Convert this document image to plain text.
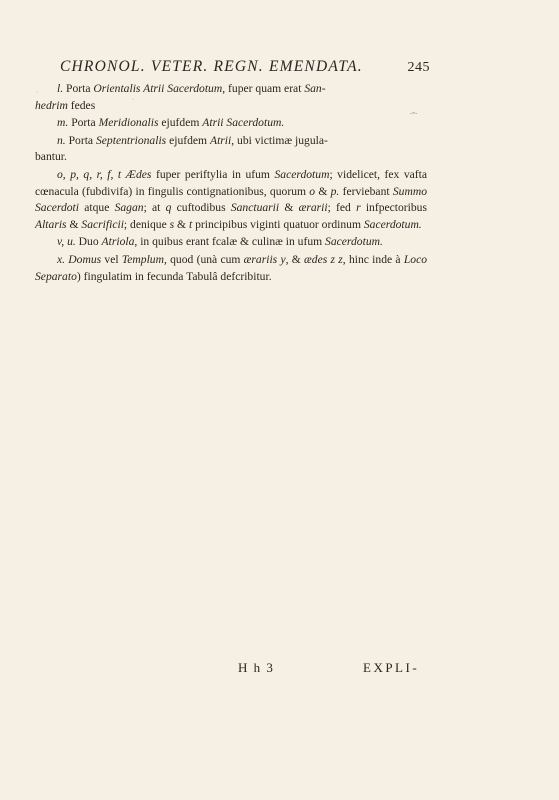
CHRONOL. VETER. REGN. EMENDATA.	245
·
·
-=-

l. Porta Orientalis Atrii Sacerdotum, fuper quam erat San-
hedrim fedes

m. Porta Meridionalis ejufdem Atrii Sacerdotum.

n. Porta Septentrionalis ejufdem Atrii, ubi victimæ jugula-
bantur.

o, p, q, r, f, t Ædes fuper periftylia in ufum Sacerdotum; videlicet, fex vafta cœnacula (fubdivifa) in fingulis contignationibus, quorum o & p. ferviebant Summo Sacerdoti atque Sagan; at q cuftodibus Sanctuarii & ærarii; fed r infpectoribus Altaris & Sacrificii; denique s & t principibus viginti quatuor ordinum Sacerdotum.

v, u. Duo Atriola, in quibus erant fcalæ & culinæ in ufum Sacerdotum.

x. Domus vel Templum, quod (unà cum ærariis y, & ædes z z, hinc inde à Loco Separato) fingulatim in fecunda Tabulâ defcribitur.

H h 3	EXPLI-
